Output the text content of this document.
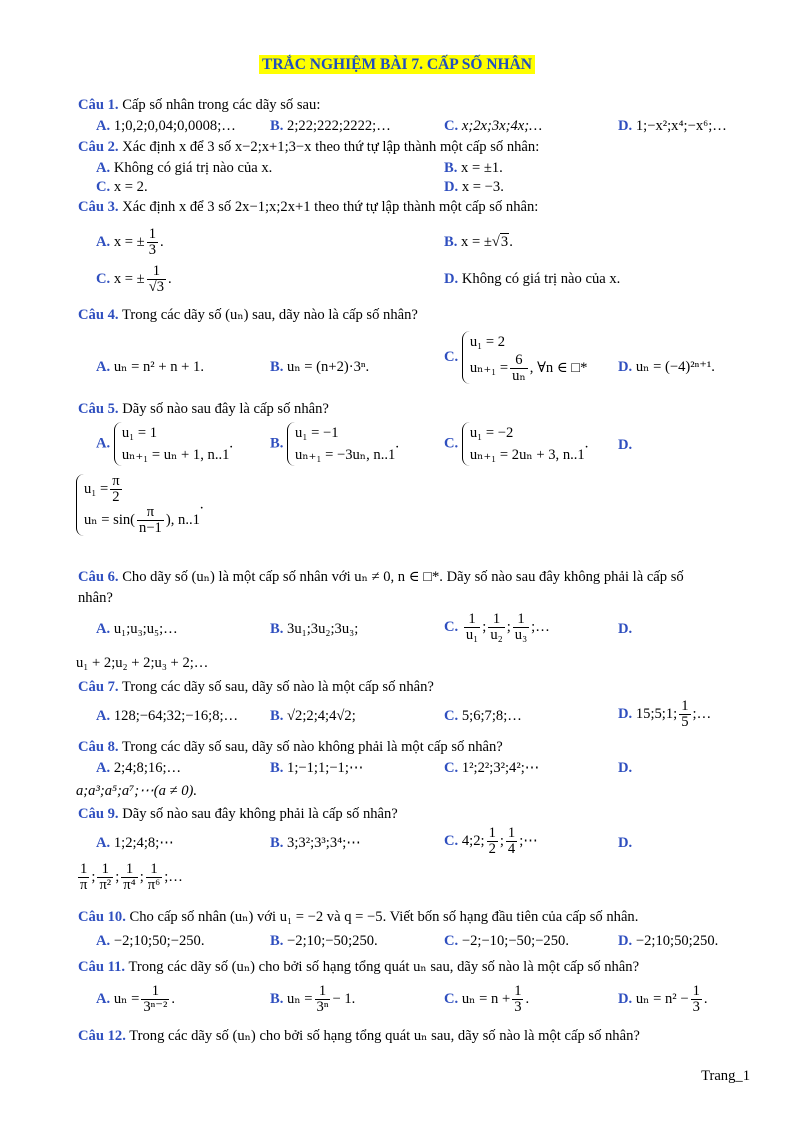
TRẮC NGHIỆM BÀI 7. CẤP SỐ NHÂN
Câu 1. Cấp số nhân trong các dãy số sau:
A. 1;0,2;0,04;0,0008;… B. 2;22;222;2222;…	C. x;2x;3x;4x;…	D. 1;−x²;x⁴;−x⁶;…
Câu 2. Xác định x để 3 số x−2;x+1;3−x theo thứ tự lập thành một cấp số nhân:
A. Không có giá trị nào của x.	B. x = ±1.
C. x = 2.	D. x = −3.
Câu 3. Xác định x để 3 số 2x−1;x;2x+1 theo thứ tự lập thành một cấp số nhân:
A. x = ± $\frac{1}{3}$ .	B. x = ±√3.
C. x = ± $\frac{1}{√3}$ .	D. Không có giá trị nào của x.
Câu 4. Trong các dãy số (uₙ) sau, dãy nào là cấp số nhân?
A. uₙ = n² + n + 1.	B. uₙ = (n+2)·3ⁿ.
C.
u₁ = 2
$u_{n+1} = \frac{6}{\text{uₙ}}$ , ∀n ∈ □* D. uₙ = (−4)²ⁿ⁺¹.
Câu 5. Dãy số nào sau đây là cấp số nhân?
A.
u₁ = 1
uₙ₊₁ = uₙ + 1, n..1
.	B.
u₁ = −1
uₙ₊₁ = −3uₙ, n..1
.	C.
u₁ = −2
uₙ₊₁ = 2uₙ + 3, n..1
. D.
$u_1 = \frac{\pi}{2}$
$u_n = \sin( \frac{\pi}{n-1}$ ), n..1
.
Câu 6. Cho dãy số (uₙ) là một cấp số nhân với uₙ ≠ 0, n ∈ □*. Dãy số nào sau đây không phải là cấp số
nhân?
A. u₁;u₃;u₅;…	B. 3u₁;3u₂;3u₃;	C. $\frac{1}{\text{u₁}}$ ; $\frac{1}{\text{u₂}}$ ; $\frac{1}{\text{u₃}}$ ;…	D.
u₁ + 2;u₂ + 2;u₃ + 2;…
Câu 7. Trong các dãy số sau, dãy số nào là một cấp số nhân?
A. 128;−64;32;−16;8;… B. √2;2;4;4√2;	C. 5;6;7;8;…	D. 15;5;1; $\frac{1}{5}$ ;…
Câu 8. Trong các dãy số sau, dãy số nào không phải là một cấp số nhân?
A. 2;4;8;16;…	B. 1;−1;1;−1;⋯	C. 1²;2²;3²;4²;⋯	D.
a;a³;a⁵;a⁷;⋯(a ≠ 0).
Câu 9. Dãy số nào sau đây không phải là cấp số nhân?
A. 1;2;4;8;⋯	B. 3;3²;3³;3⁴;⋯	C. 4;2; $\frac{1}{2}$ ; $\frac{1}{4}$ ;⋯	D.
$\frac{1}{\pi}$ ; $\frac{1}{\text{π²}}$ ; $\frac{1}{\text{π⁴}}$ ; $\frac{1}{\text{π⁶}}$ ;…
Câu 10. Cho cấp số nhân (uₙ) với u₁ = −2 và q = −5. Viết bốn số hạng đầu tiên của cấp số nhân.
A. −2;10;50;−250.	B. −2;10;−50;250.	C. −2;−10;−50;−250.	D. −2;10;50;250.
Câu 11. Trong các dãy số (uₙ) cho bởi số hạng tổng quát uₙ sau, dãy số nào là một cấp số nhân?
A. $u_n = \frac{1}{\text{3ⁿ⁻²}}$ .	B. $u_n = \frac{1}{\text{3ⁿ}} - 1$.	C. $u_n = n + \frac{1}{3}$ .	D. $u_n = n^2 - \frac{1}{3}$ .
Câu 12. Trong các dãy số (uₙ) cho bởi số hạng tổng quát uₙ sau, dãy số nào là một cấp số nhân?
Trang_1
